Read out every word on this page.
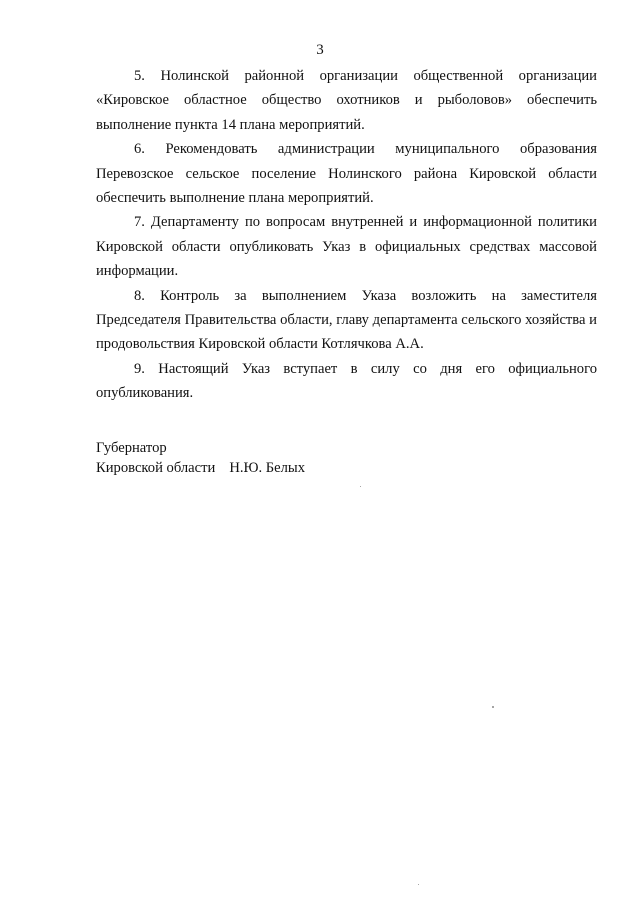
3

5. Нолинской районной организации общественной организации «Кировское областное общество охотников и рыболовов» обеспечить выполнение пункта 14 плана мероприятий.

6. Рекомендовать администрации муниципального образования Перевозское сельское поселение Нолинского района Кировской области обеспечить выполнение плана мероприятий.

7. Департаменту по вопросам внутренней и информационной политики Кировской области опубликовать Указ в официальных средствах массовой информации.

8. Контроль за выполнением Указа возложить на заместителя Председателя Правительства области, главу департамента сельского хозяйства и продовольствия Кировской области Котлячкова А.А.

9. Настоящий Указ вступает в силу со дня его официального опубликования.

Губернатор
Кировской области Н.Ю. Белых
